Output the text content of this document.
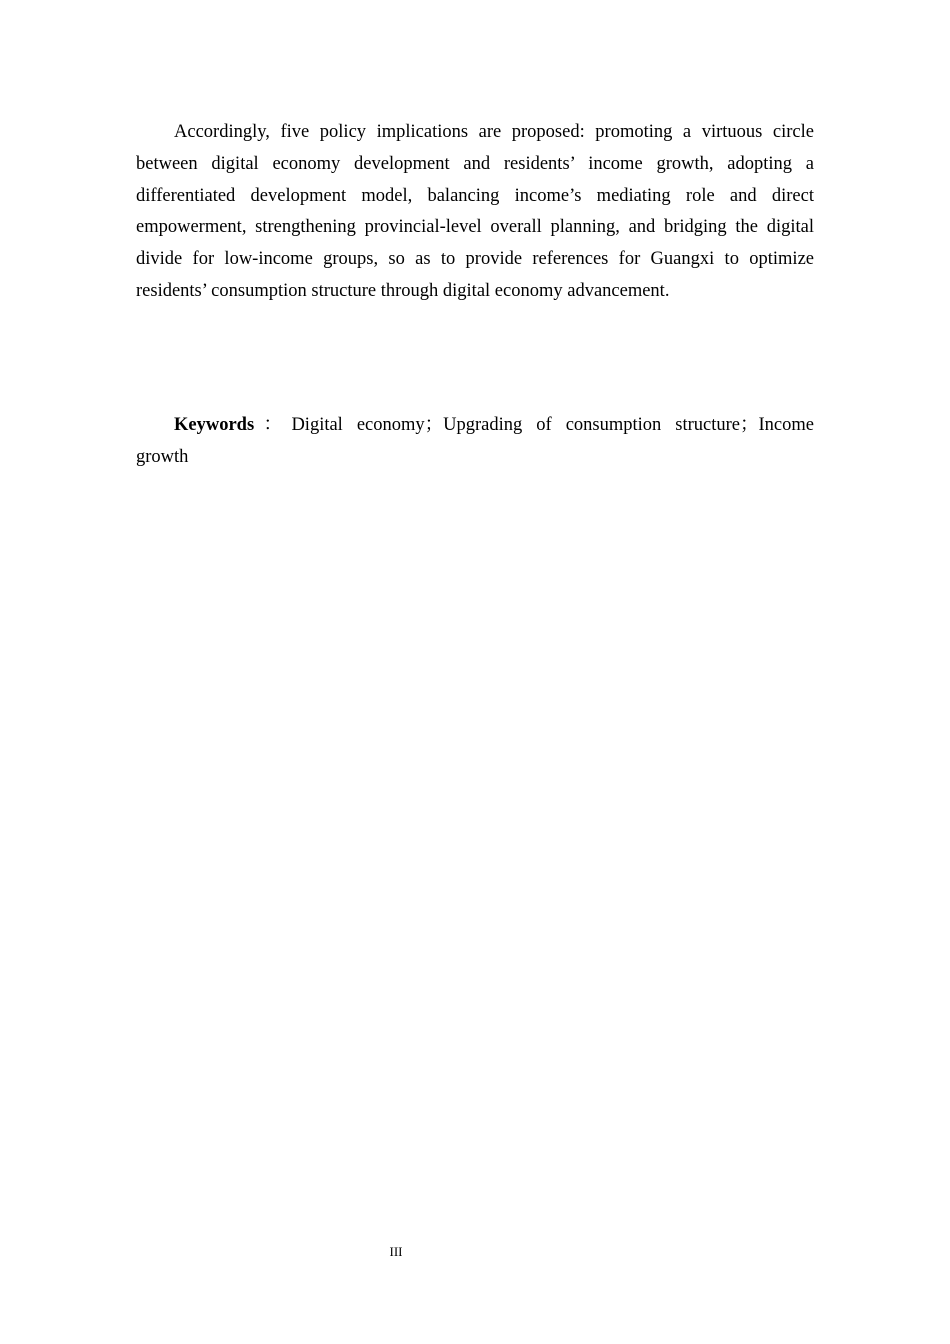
Accordingly, five policy implications are proposed: promoting a virtuous circle between digital economy development and residents’ income growth, adopting a differentiated development model, balancing income’s mediating role and direct empowerment, strengthening provincial-level overall planning, and bridging the digital divide for low-income groups, so as to provide references for Guangxi to optimize residents’ consumption structure through digital economy advancement.

Keywords：Digital economy；Upgrading of consumption structure；Income growth

III
